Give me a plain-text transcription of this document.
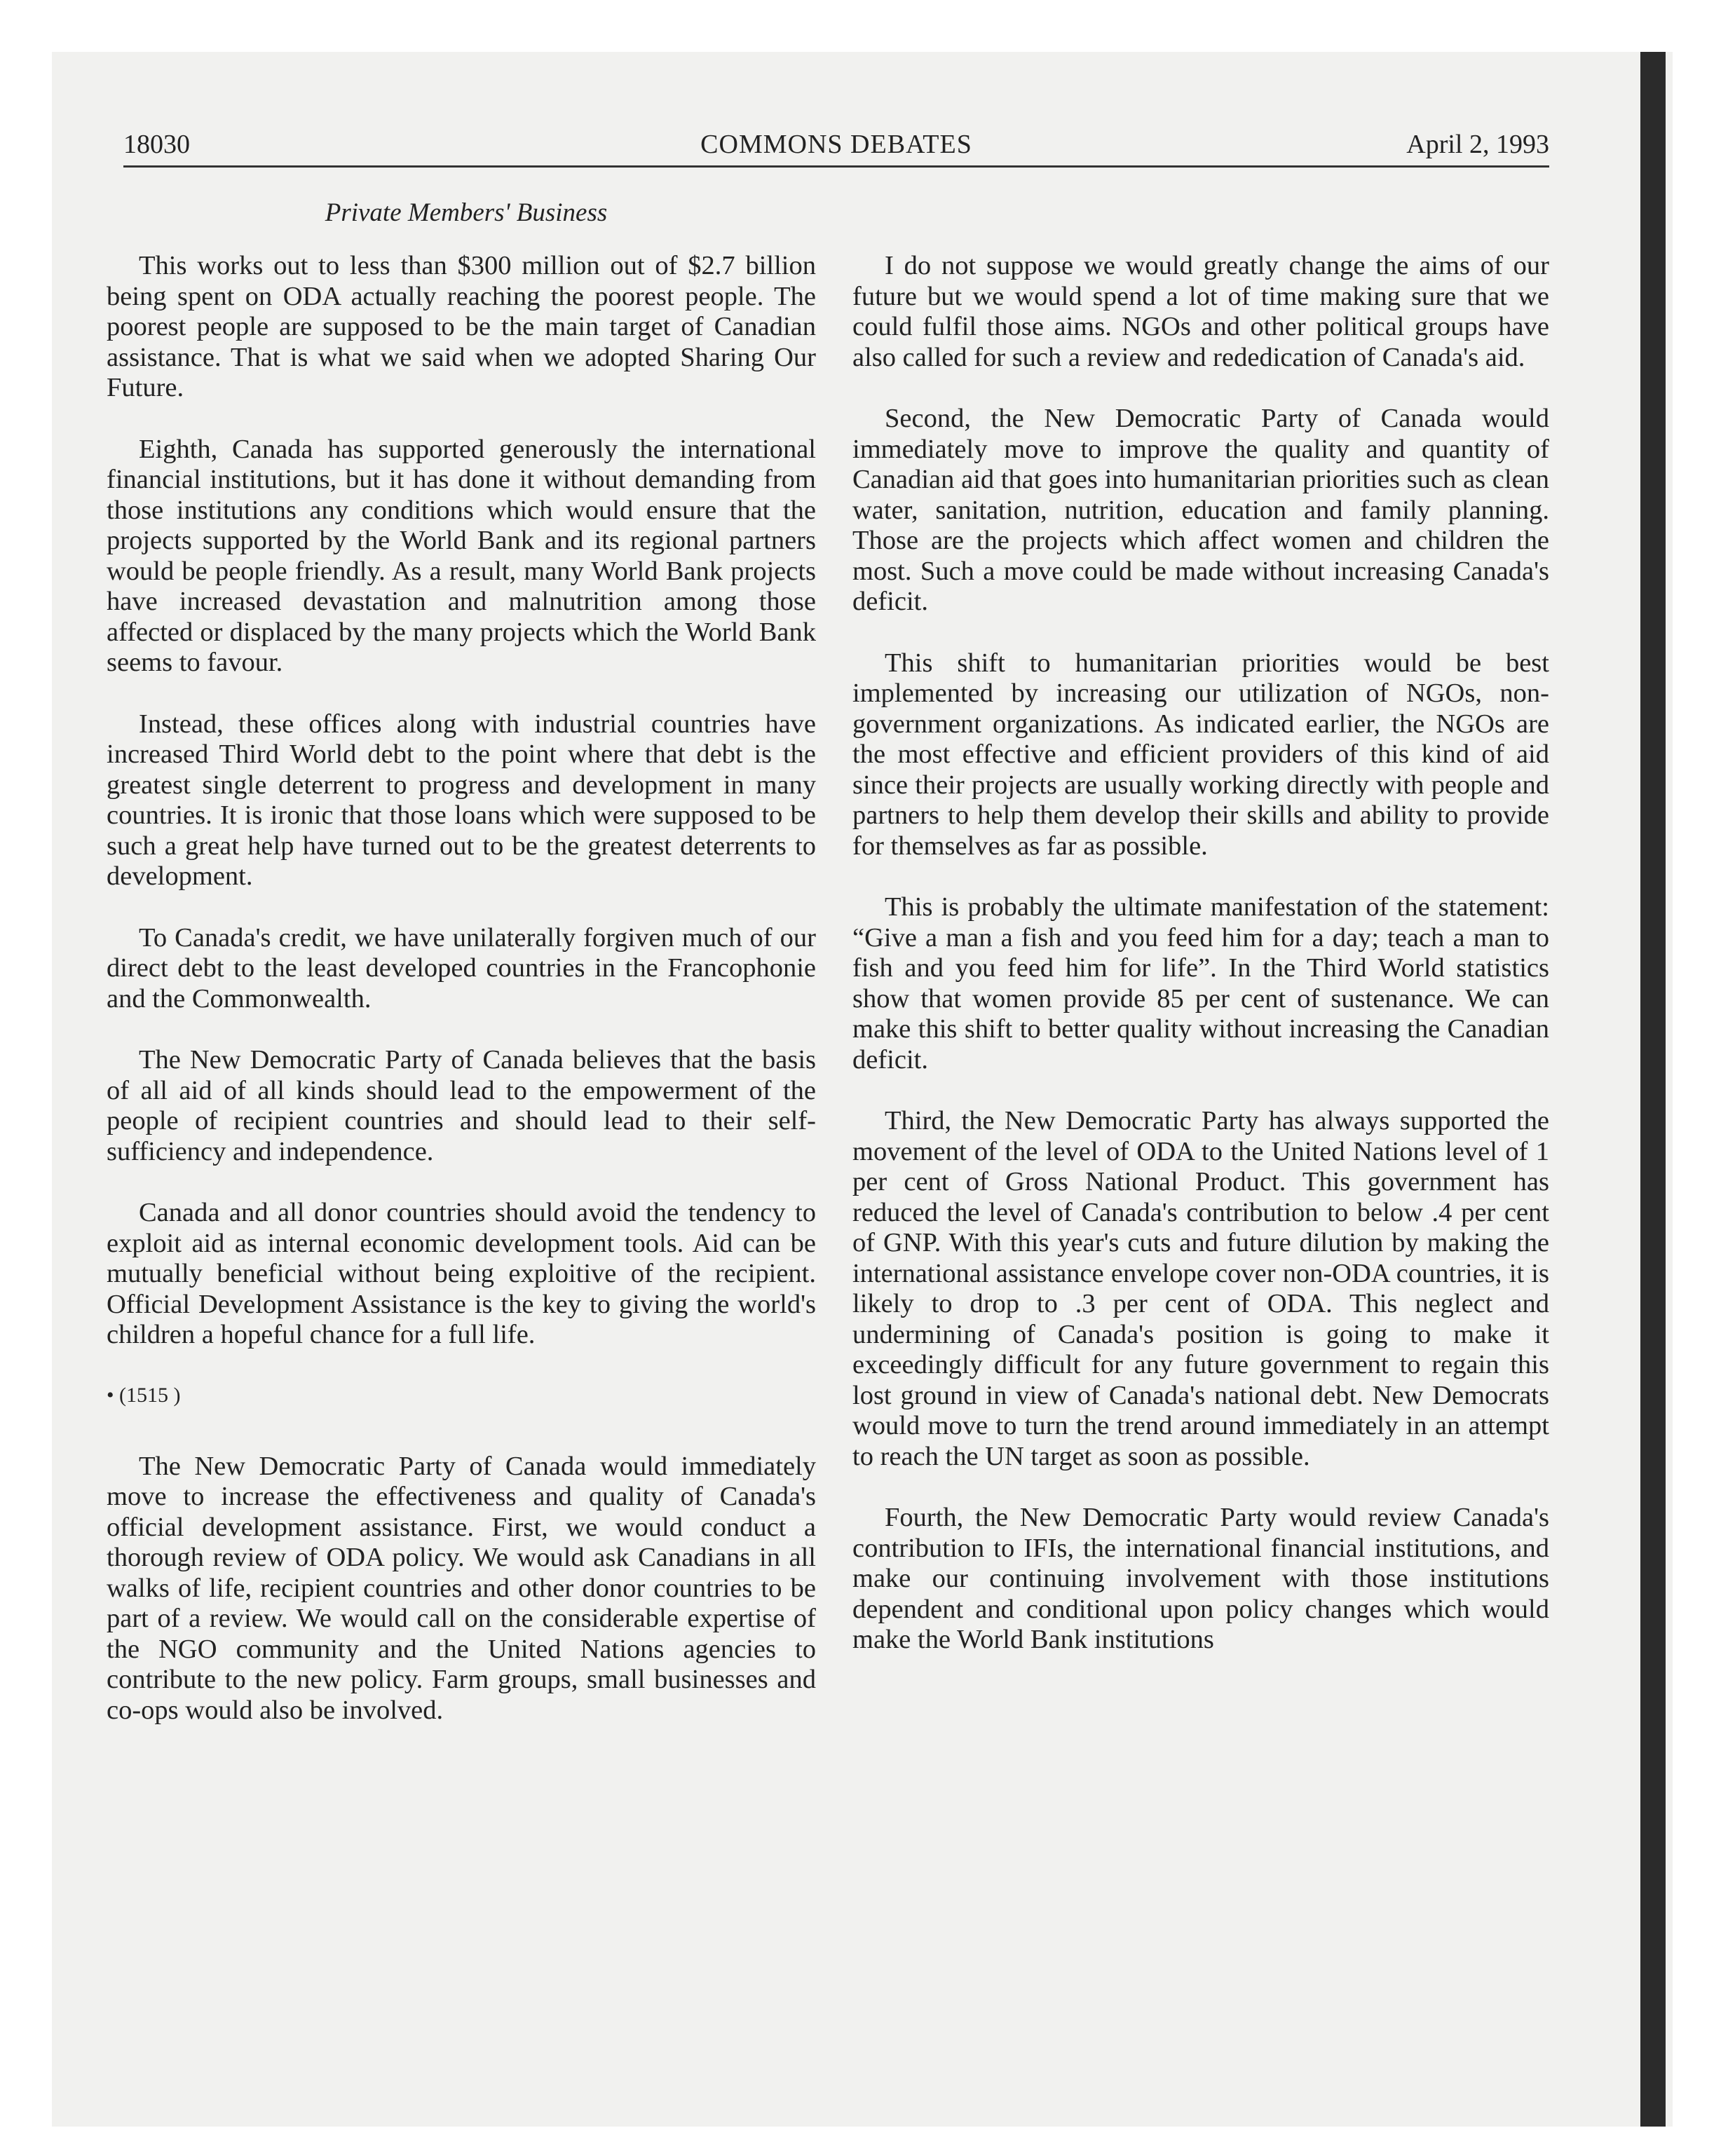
18030	COMMONS DEBATES	April 2, 1993
Private Members' Business

This works out to less than $300 million out of $2.7 billion being spent on ODA actually reaching the poorest people. The poorest people are supposed to be the main target of Canadian assistance. That is what we said when we adopted Sharing Our Future.

Eighth, Canada has supported generously the international financial institutions, but it has done it without demanding from those institutions any conditions which would ensure that the projects supported by the World Bank and its regional partners would be people friendly. As a result, many World Bank projects have increased devastation and malnutrition among those affected or displaced by the many projects which the World Bank seems to favour.

Instead, these offices along with industrial countries have increased Third World debt to the point where that debt is the greatest single deterrent to progress and development in many countries. It is ironic that those loans which were supposed to be such a great help have turned out to be the greatest deterrents to development.

To Canada's credit, we have unilaterally forgiven much of our direct debt to the least developed countries in the Francophonie and the Commonwealth.

The New Democratic Party of Canada believes that the basis of all aid of all kinds should lead to the empowerment of the people of recipient countries and should lead to their self-sufficiency and independence.

Canada and all donor countries should avoid the tendency to exploit aid as internal economic development tools. Aid can be mutually beneficial without being exploitive of the recipient. Official Development Assistance is the key to giving the world's children a hopeful chance for a full life.

• (1515 )

The New Democratic Party of Canada would immediately move to increase the effectiveness and quality of Canada's official development assistance. First, we would conduct a thorough review of ODA policy. We would ask Canadians in all walks of life, recipient countries and other donor countries to be part of a review. We would call on the considerable expertise of the NGO community and the United Nations agencies to contribute to the new policy. Farm groups, small businesses and co-ops would also be involved.

I do not suppose we would greatly change the aims of our future but we would spend a lot of time making sure that we could fulfil those aims. NGOs and other political groups have also called for such a review and rededication of Canada's aid.

Second, the New Democratic Party of Canada would immediately move to improve the quality and quantity of Canadian aid that goes into humanitarian priorities such as clean water, sanitation, nutrition, education and family planning. Those are the projects which affect women and children the most. Such a move could be made without increasing Canada's deficit.

This shift to humanitarian priorities would be best implemented by increasing our utilization of NGOs, non-government organizations. As indicated earlier, the NGOs are the most effective and efficient providers of this kind of aid since their projects are usually working directly with people and partners to help them develop their skills and ability to provide for themselves as far as possible.

This is probably the ultimate manifestation of the statement: “Give a man a fish and you feed him for a day; teach a man to fish and you feed him for life”. In the Third World statistics show that women provide 85 per cent of sustenance. We can make this shift to better quality without increasing the Canadian deficit.

Third, the New Democratic Party has always supported the movement of the level of ODA to the United Nations level of 1 per cent of Gross National Product. This government has reduced the level of Canada's contribution to below .4 per cent of GNP. With this year's cuts and future dilution by making the international assistance envelope cover non-ODA countries, it is likely to drop to .3 per cent of ODA. This neglect and undermining of Canada's position is going to make it exceedingly difficult for any future government to regain this lost ground in view of Canada's national debt. New Democrats would move to turn the trend around immediately in an attempt to reach the UN target as soon as possible.

Fourth, the New Democratic Party would review Canada's contribution to IFIs, the international financial institutions, and make our continuing involvement with those institutions dependent and conditional upon policy changes which would make the World Bank institutions
